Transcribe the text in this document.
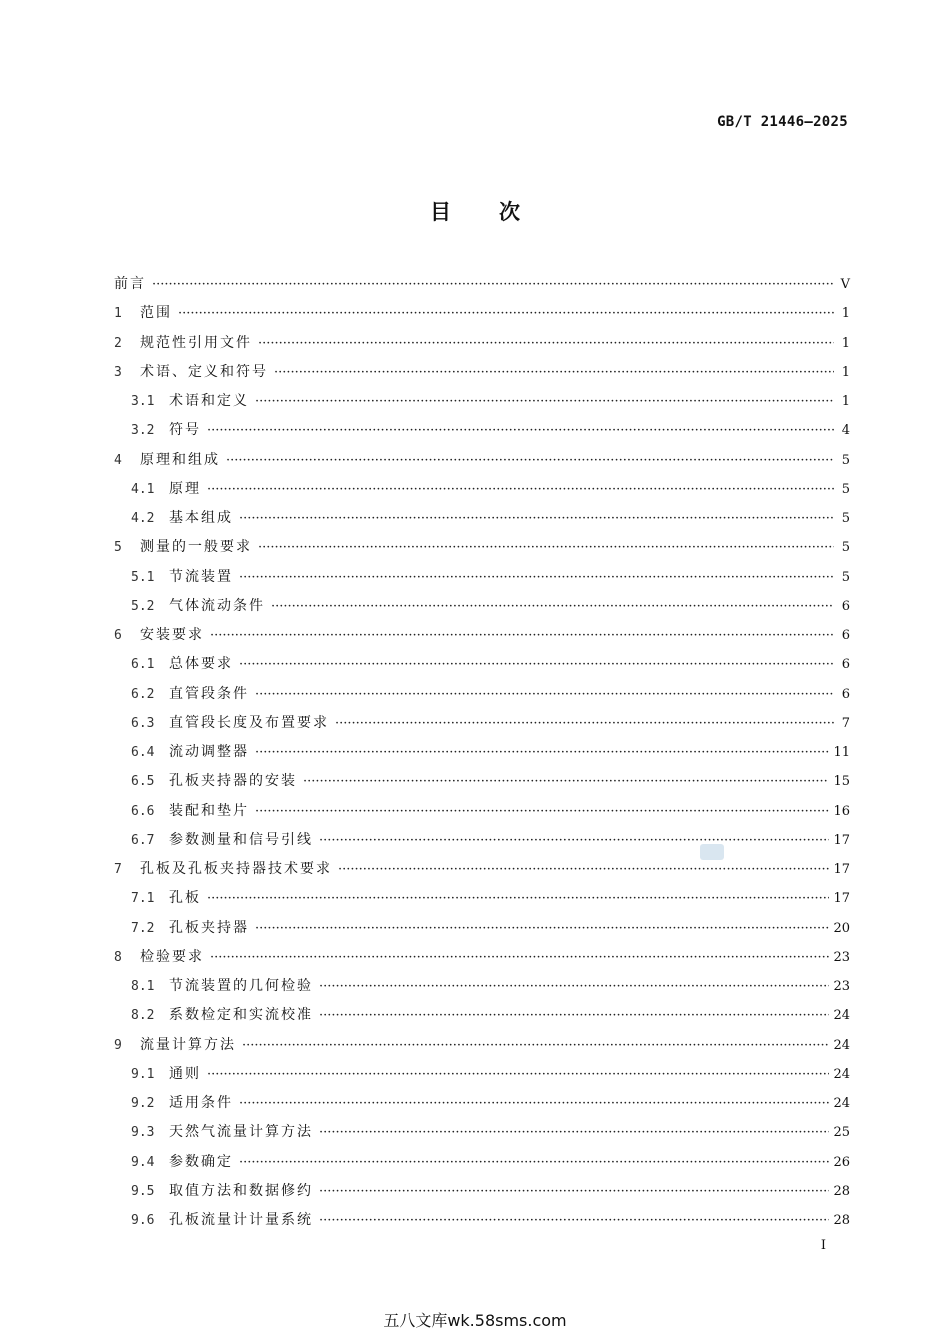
GB/T 21446—2025
目次
前言 ·····	V
1	范围 ·····	1
2	规范性引用文件 ·····	1
3	术语、定义和符号 ·····	1
3.1	术语和定义 ·····	1
3.2	符号 ·····	4
4	原理和组成 ·····	5
4.1	原理 ·····	5
4.2	基本组成 ·····	5
5	测量的一般要求 ·····	5
5.1	节流装置 ·····	5
5.2	气体流动条件 ·····	6
6	安装要求 ·····	6
6.1	总体要求 ·····	6
6.2	直管段条件 ·····	6
6.3	直管段长度及布置要求 ·····	7
6.4	流动调整器 ·····	11
6.5	孔板夹持器的安装 ·····	15
6.6	装配和垫片 ·····	16
6.7	参数测量和信号引线 ·····	17
7	孔板及孔板夹持器技术要求 ·····	17
7.1	孔板 ·····	17
7.2	孔板夹持器 ·····	20
8	检验要求 ·····	23
8.1	节流装置的几何检验 ·····	23
8.2	系数检定和实流校准 ·····	24
9	流量计算方法 ·····	24
9.1	通则 ·····	24
9.2	适用条件 ·····	24
9.3	天然气流量计算方法 ·····	25
9.4	参数确定 ·····	26
9.5	取值方法和数据修约 ·····	28
9.6	孔板流量计计量系统 ·····	28
I
五八文库wk.58sms.com
